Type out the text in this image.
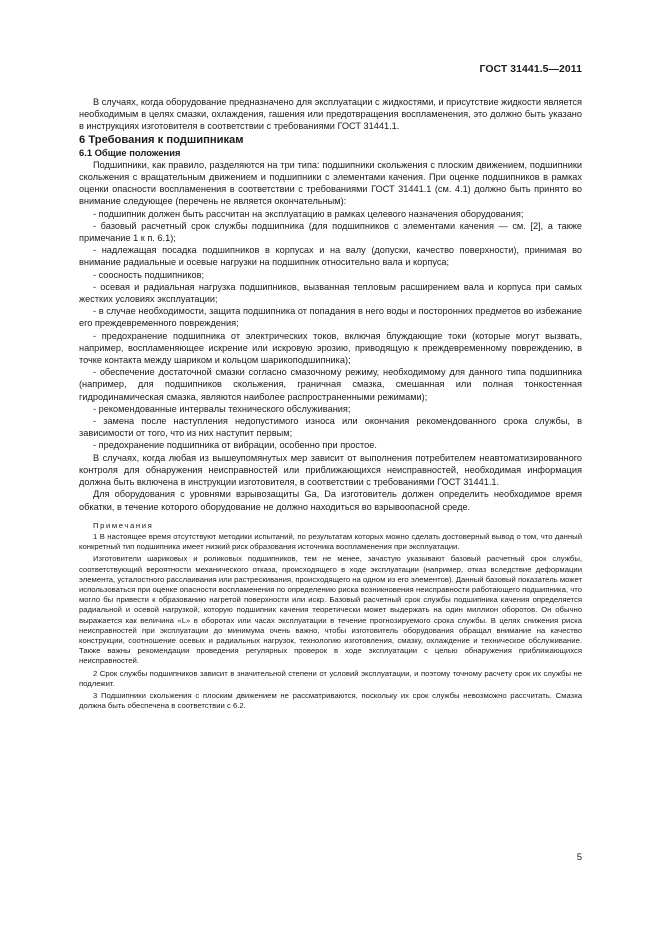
ГОСТ 31441.5—2011

В случаях, когда оборудование предназначено для эксплуатации с жидкостями, и присутствие жидкости является необходимым в целях смазки, охлаждения, гашения или предотвращения воспламенения, это должно быть указано в инструкциях изготовителя в соответствии с требованиями ГОСТ 31441.1.

6 Требования к подшипникам

6.1 Общие положения

Подшипники, как правило, разделяются на три типа: подшипники скольжения с плоским движением, подшипники скольжения с вращательным движением и подшипники с элементами качения. При оценке подшипников в рамках оценки опасности воспламенения в соответствии с требованиями ГОСТ 31441.1 (см. 4.1) должно быть принято во внимание следующее (перечень не является окончательным):

- подшипник должен быть рассчитан на эксплуатацию в рамках целевого назначения оборудования;

- базовый расчетный срок службы подшипника (для подшипников с элементами качения — см. [2], а также примечание 1 к п. 6.1);

- надлежащая посадка подшипников в корпусах и на валу (допуски, качество поверхности), принимая во внимание радиальные и осевые нагрузки на подшипник относительно вала и корпуса;

- соосность подшипников;

- осевая и радиальная нагрузка подшипников, вызванная тепловым расширением вала и корпуса при самых жестких условиях эксплуатации;

- в случае необходимости, защита подшипника от попадания в него воды и посторонних предметов во избежание его преждевременного повреждения;

- предохранение подшипника от электрических токов, включая блуждающие токи (которые могут вызвать, например, воспламеняющее искрение или искровую эрозию, приводящую к преждевременному повреждению, в точке контакта между шариком и кольцом шарикоподшипника);

- обеспечение достаточной смазки согласно смазочному режиму, необходимому для данного типа подшипника (например, для подшипников скольжения, граничная смазка, смешанная или полная тонкостенная гидродинамическая смазка, являются наиболее распространенными режимами);

- рекомендованные интервалы технического обслуживания;

- замена после наступления недопустимого износа или окончания рекомендованного срока службы, в зависимости от того, что из них наступит первым;

- предохранение подшипника от вибрации, особенно при простое.

В случаях, когда любая из вышеупомянутых мер зависит от выполнения потребителем неавтоматизированного контроля для обнаружения неисправностей или приближающихся неисправностей, необходимая информация должна быть включена в инструкции изготовителя, в соответствии с требованиями ГОСТ 31441.1.

Для оборудования с уровнями взрывозащиты Ga, Da изготовитель должен определить необходимое время обкатки, в течение которого оборудование не должно находиться во взрывоопасной среде.

Примечания

1 В настоящее время отсутствуют методики испытаний, по результатам которых можно сделать достоверный вывод о том, что данный конкретный тип подшипника имеет низкий риск образования источника воспламенения при эксплуатации.

Изготовители шариковых и роликовых подшипников, тем не менее, зачастую указывают базовый расчетный срок службы, соответствующий вероятности механического отказа, происходящего в ходе эксплуатации (например, отказ вследствие деформации элемента, усталостного расслаивания или растрескивания, происходящего на одном из его элементов). Данный базовый показатель может использоваться при оценке опасности воспламенения по определению риска возникновения неисправности работающего подшипника, что могло бы привести к образованию нагретой поверхности или искр. Базовый расчетный срок службы подшипника качения определяется радиальной и осевой нагрузкой, которую подшипник качения теоретически может выдержать на один миллион оборотов. Он обычно выражается как величина «L» в оборотах или часах эксплуатации в течение прогнозируемого срока службы. В целях снижения риска неисправностей при эксплуатации до минимума очень важно, чтобы изготовитель оборудования обращал внимание на качество конструкции, соотношение осевых и радиальных нагрузок, технологию изготовления, смазку, охлаждение и техническое обслуживание. Также важны рекомендации проведения регулярных проверок в ходе эксплуатации с целью обнаружения приближающихся неисправностей.

2 Срок службы подшипников зависит в значительной степени от условий эксплуатации, и поэтому точному расчету срок их службы не подлежит.

3 Подшипники скольжения с плоским движением не рассматриваются, поскольку их срок службы невозможно рассчитать. Смазка должна быть обеспечена в соответствии с 6.2.

5
